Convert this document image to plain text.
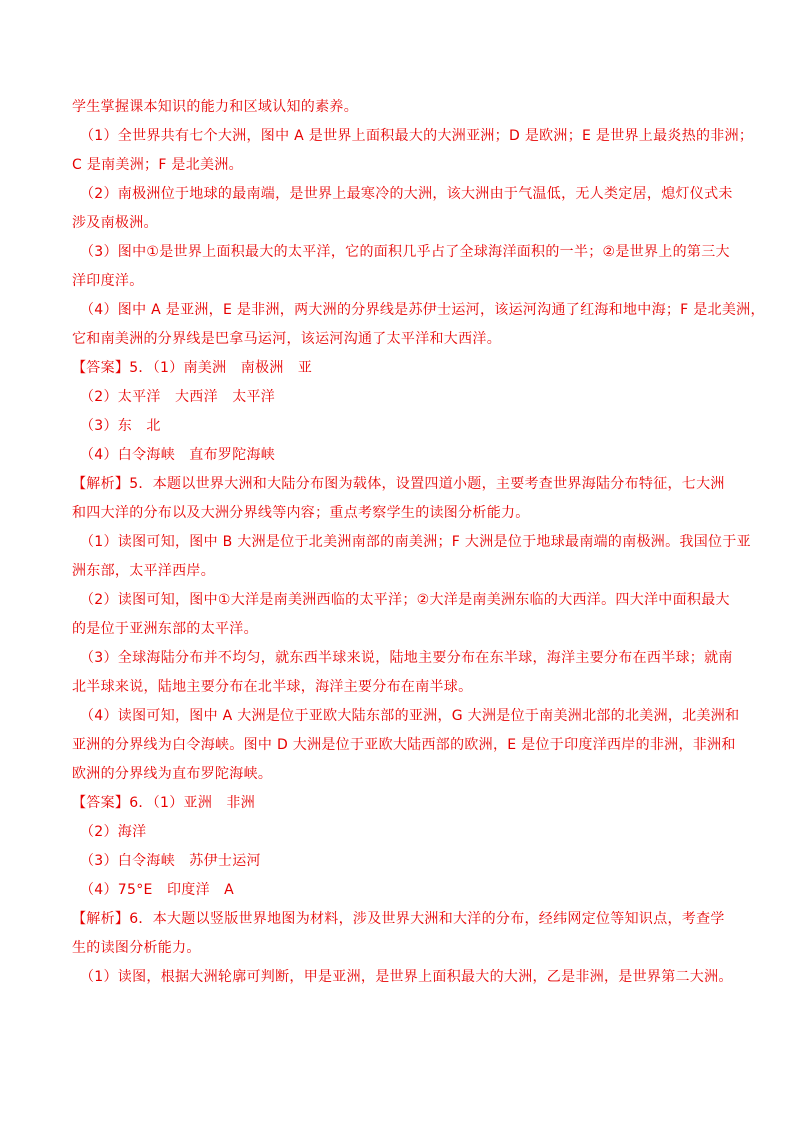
学生掌握课本知识的能力和区域认知的素养。
（1）全世界共有七个大洲，图中 A 是世界上面积最大的大洲亚洲；D 是欧洲；E 是世界上最炎热的非洲；
C 是南美洲；F 是北美洲。
（2）南极洲位于地球的最南端，是世界上最寒冷的大洲，该大洲由于气温低，无人类定居，熄灯仪式未
涉及南极洲。
（3）图中①是世界上面积最大的太平洋，它的面积几乎占了全球海洋面积的一半；②是世界上的第三大
洋印度洋。
（4）图中 A 是亚洲，E 是非洲，两大洲的分界线是苏伊士运河，该运河沟通了红海和地中海；F 是北美洲，
它和南美洲的分界线是巴拿马运河，该运河沟通了太平洋和大西洋。
【答案】5．（1）南美洲　南极洲　亚
（2）太平洋　大西洋　太平洋
（3）东　北
（4）白令海峡　直布罗陀海峡
【解析】5．本题以世界大洲和大陆分布图为载体，设置四道小题，主要考查世界海陆分布特征，七大洲
和四大洋的分布以及大洲分界线等内容；重点考察学生的读图分析能力。
（1）读图可知，图中 B 大洲是位于北美洲南部的南美洲；F 大洲是位于地球最南端的南极洲。我国位于亚
洲东部，太平洋西岸。
（2）读图可知，图中①大洋是南美洲西临的太平洋；②大洋是南美洲东临的大西洋。四大洋中面积最大
的是位于亚洲东部的太平洋。
（3）全球海陆分布并不均匀，就东西半球来说，陆地主要分布在东半球，海洋主要分布在西半球；就南
北半球来说，陆地主要分布在北半球，海洋主要分布在南半球。
（4）读图可知，图中 A 大洲是位于亚欧大陆东部的亚洲，G 大洲是位于南美洲北部的北美洲，北美洲和
亚洲的分界线为白令海峡。图中 D 大洲是位于亚欧大陆西部的欧洲，E 是位于印度洋西岸的非洲，非洲和
欧洲的分界线为直布罗陀海峡。
【答案】6．（1）亚洲　非洲
（2）海洋
（3）白令海峡　苏伊士运河
（4）75°E　印度洋　A
【解析】6．本大题以竖版世界地图为材料，涉及世界大洲和大洋的分布，经纬网定位等知识点，考查学
生的读图分析能力。
（1）读图，根据大洲轮廓可判断，甲是亚洲，是世界上面积最大的大洲，乙是非洲，是世界第二大洲。
